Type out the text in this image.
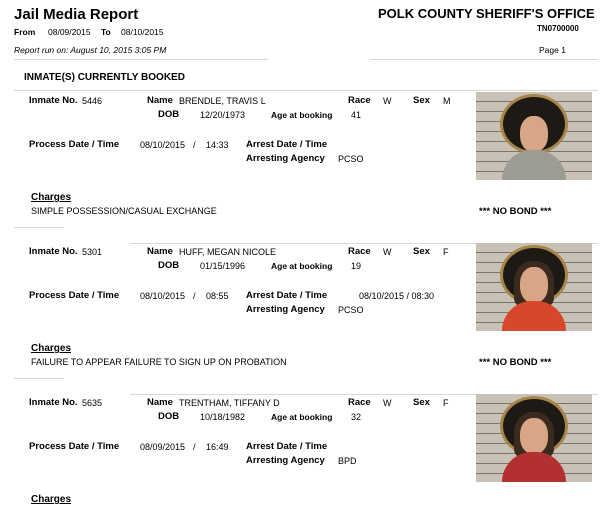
Jail Media Report	POLK COUNTY SHERIFF'S OFFICE
TN0700000
From 08/09/2015 To 08/10/2015
Report run on: August 10, 2015 3:05 PM	Page 1
INMATE(S) CURRENTLY BOOKED
Inmate No. 5446	Name BRENDLE, TRAVIS L	Race W Sex M
DOB 12/20/1973	Age at booking 41
Process Date / Time 08/10/2015 / 14:33 Arrest Date / Time
Arresting Agency PCSO
Charges
SIMPLE POSSESSION/CASUAL EXCHANGE	*** NO BOND ***
Inmate No. 5301	Name HUFF, MEGAN NICOLE	Race W Sex F
DOB 01/15/1996	Age at booking 19
Process Date / Time 08/10/2015 / 08:55 Arrest Date / Time	08/10/2015 / 08:30
Arresting Agency PCSO
Charges
FAILURE TO APPEAR FAILURE TO SIGN UP ON PROBATION	*** NO BOND ***
Inmate No. 5635	Name TRENTHAM, TIFFANY D	Race W Sex F
DOB 10/18/1982	Age at booking 32
Process Date / Time 08/09/2015 / 16:49 Arrest Date / Time
Arresting Agency BPD
Charges
